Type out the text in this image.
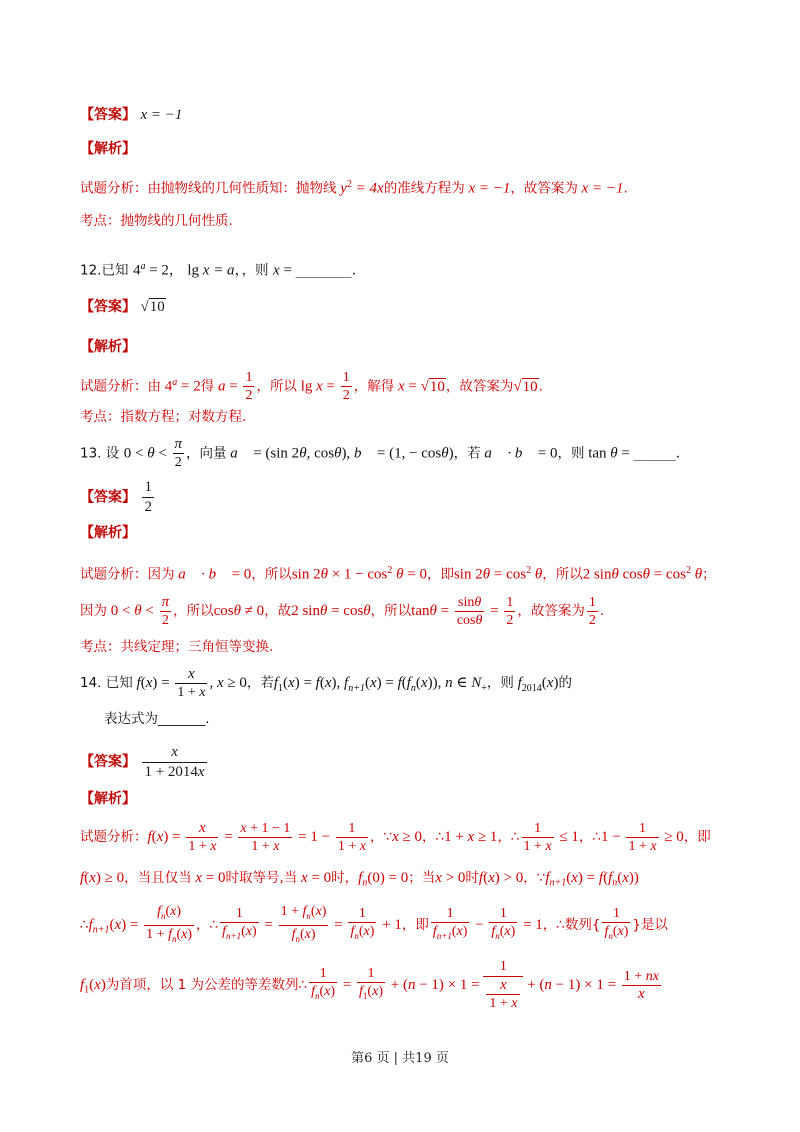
【答案】 x = −1
【解析】
试题分析：由抛物线的几何性质知：抛物线 $y^2 = 4x$的准线方程为 x = −1，故答案为 x = −1.
考点：抛物线的几何性质.
12.已知 $4^a = 2$， lg x = a，，则 x = ________.
【答案】 √10
【解析】
试题分析：由 $4^a = 2$得 $a = \frac{1}{2}$ ，所以 $\lg x = \frac{1}{2}$ ，解得 x = √10，故答案为√10.
考点：指数方程；对数方程.
13. 设 $0 < \theta < \frac{\pi}{2}$ ，向量 a⃗ = (sin 2θ, cosθ), b⃗ = (1, − cosθ)，若 a⃗ · b⃗ = 0，则 tan θ = ______.
【答案】 $\frac{1}{2}$
【解析】
试题分析：因为 a⃗ · b⃗ = 0，所以$\sin 2\theta \times 1 - \cos^2 \theta = 0$，即$\sin 2\theta = \cos^2 \theta$，所以2 sinθ $\cos\theta = \cos^2 \theta$；
因为 $0 < \theta < \frac{\pi}{2}$ ，所以cosθ ≠ 0，故2 sinθ = cosθ，所以$\tan\theta = \frac{\sin\theta}{\cos\theta} = \frac{1}{2}$ ，故答案为 $\frac{1}{2}$ .
考点：共线定理；三角恒等变换.
14. 已知 $f(x) = \frac{x}{1 + x}$ , x ≥ 0，若$f_1(x) = f(x)$, $f_{n+1}(x) = f(f_n(x))$, n ∈ $N_+$，则 $f_{2014}(x)$的
表达式为_______.
【答案】 $\frac{x}{1 + 2014x}$
【解析】
试题分析：$f(x) = \frac{x}{1 + x} = \frac{x + 1 - 1}{1 + x} = 1 - \frac{1}{1 + x}$ ，∵x ≥ 0，∴1 + x ≥ 1，∴ $\frac{1}{1 + x} \le 1$，∴1 − $\frac{1}{1 + x} \ge 0$，即
f(x) ≥ 0，当且仅当 x = 0时取等号,当 x = 0时，$f_n(0) = 0$；当x > 0时f(x) > 0，$\because f_{n+1}(x) = f(f_n(x))$
$\therefore f_{n+1}(x) = \frac{f_n(x)}{1 + f_n(x)}$ ，∴ $\frac{1}{f_{n+1}(x)} = \frac{1 + f_n(x)}{f_n(x)} = \frac{1}{f_n(x)} + 1$，即 $\frac{1}{f_{n+1}(x)} - \frac{1}{f_n(x)} = 1$，∴数列{ $\frac{1}{f_n(x)}$ }是以
$f_1(x)$为首项，以 1 为公差的等差数列∴ $\frac{1}{f_n(x)} = \frac{1}{f_1(x)} + (n - 1) \times 1 = \frac{1}{\frac{x}{1 + x}} + (n - 1) \times 1 = \frac{1 + nx}{x}$
第6 页 | 共19 页
